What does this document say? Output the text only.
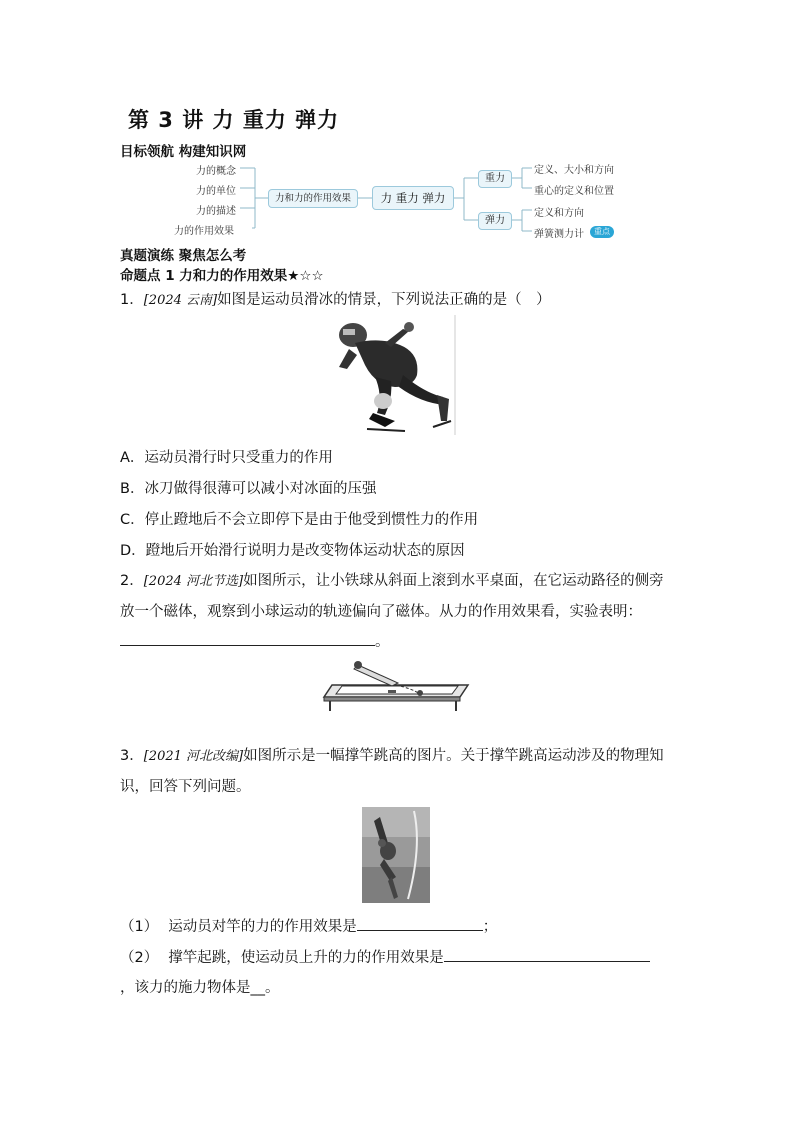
第 3 讲 力 重力 弹力
目标领航 构建知识网
力的概念
力的单位
力的描述
力的作用效果
力和力的作用效果	力 重力 弹力
重力
弹力
定义、大小和方向
重心的定义和位置
定义和方向
弹簧测力计	重点
真题演练 聚焦怎么考
命题点 1 力和力的作用效果★☆☆
1．[2024 云南]如图是运动员滑冰的情景，下列说法正确的是（　）
A．运动员滑行时只受重力的作用
B．冰刀做得很薄可以减小对冰面的压强
C．停止蹬地后不会立即停下是由于他受到惯性力的作用
D．蹬地后开始滑行说明力是改变物体运动状态的原因
2．[2024 河北节选]如图所示，让小铁球从斜面上滚到水平桌面，在它运动路径的侧旁放一个磁体，观察到小球运动的轨迹偏向了磁体。从力的作用效果看，实验表明：。
3．[2021 河北改编]如图所示是一幅撑竿跳高的图片。关于撑竿跳高运动涉及的物理知识，回答下列问题。
（1） 运动员对竿的力的作用效果是	；
（2） 撑竿起跳，使运动员上升的力的作用效果是
，该力的施力物体是__。
